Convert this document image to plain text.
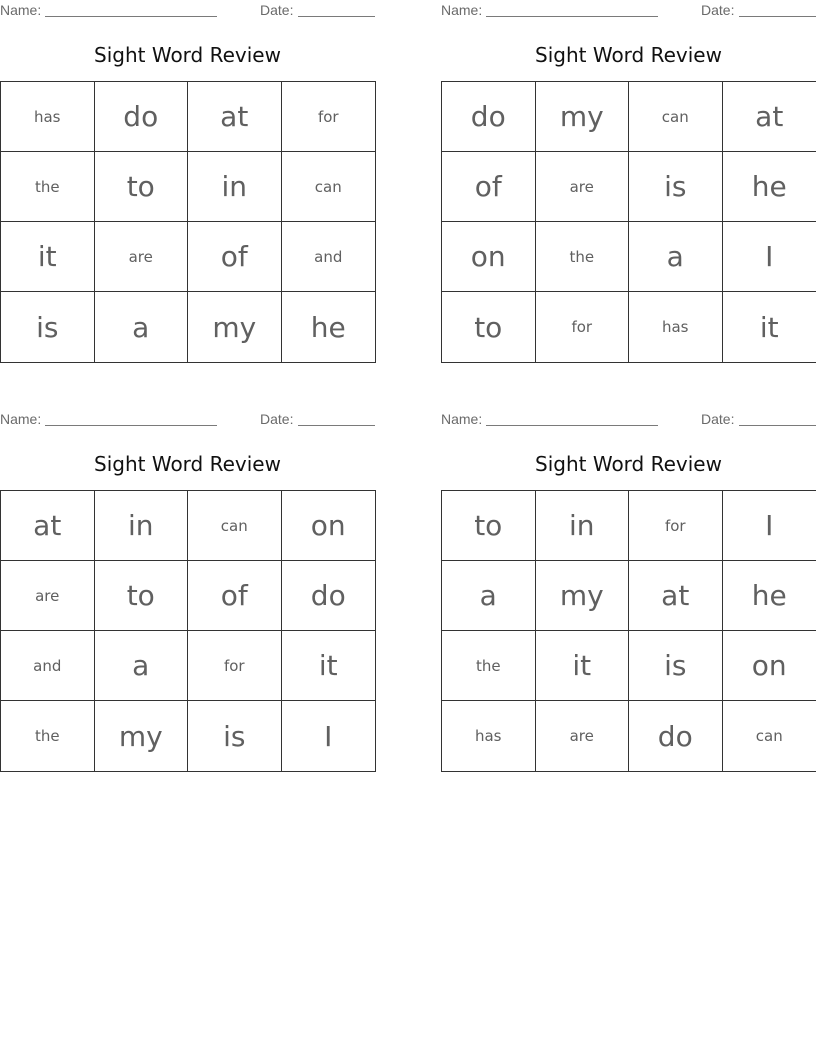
Name:	Date:
Sight Word Review
has	do	at	for
the	to	in	can
it	are	of	and
is	a	my	he
Name:	Date:
Sight Word Review
do	my	can	at
of	are	is	he
on	the	a	I
to	for	has	it
Name:	Date:
Sight Word Review
at	in	can	on
are	to	of	do
and	a	for	it
the	my	is	I
Name:	Date:
Sight Word Review
to	in	for	I
a	my	at	he
the	it	is	on
has	are	do	can
